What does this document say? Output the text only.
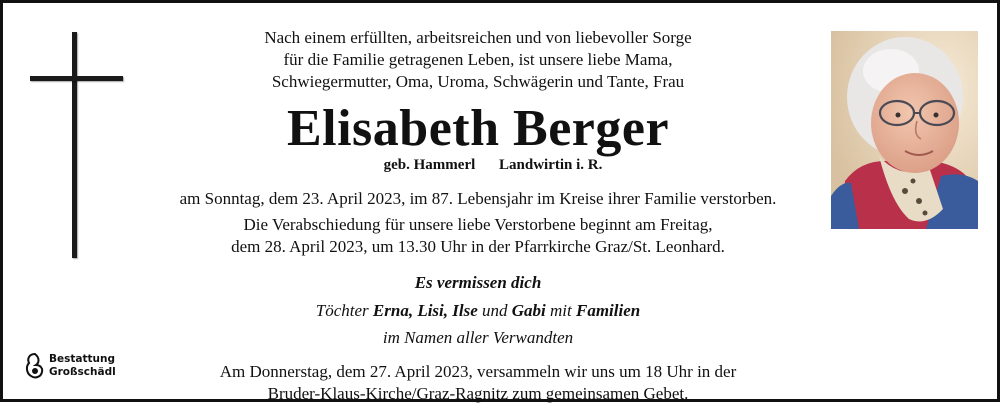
Nach einem erfüllten, arbeitsreichen und von liebevoller Sorge
für die Familie getragenen Leben, ist unsere liebe Mama,
Schwiegermutter, Oma, Uroma, Schwägerin und Tante, Frau
Elisabeth Berger
geb. Hammerl Landwirtin i. R.
am Sonntag, dem 23. April 2023, im 87. Lebensjahr im Kreise ihrer Familie verstorben.
Die Verabschiedung für unsere liebe Verstorbene beginnt am Freitag,
dem 28. April 2023, um 13.30 Uhr in der Pfarrkirche Graz/St. Leonhard.
Es vermissen dich
Töchter Erna, Lisi, Ilse und Gabi mit Familien
im Namen aller Verwandten
Am Donnerstag, dem 27. April 2023, versammeln wir uns um 18 Uhr in der
Bruder-Klaus-Kirche/Graz-Ragnitz zum gemeinsamen Gebet.
Bestattung
Großschädl
